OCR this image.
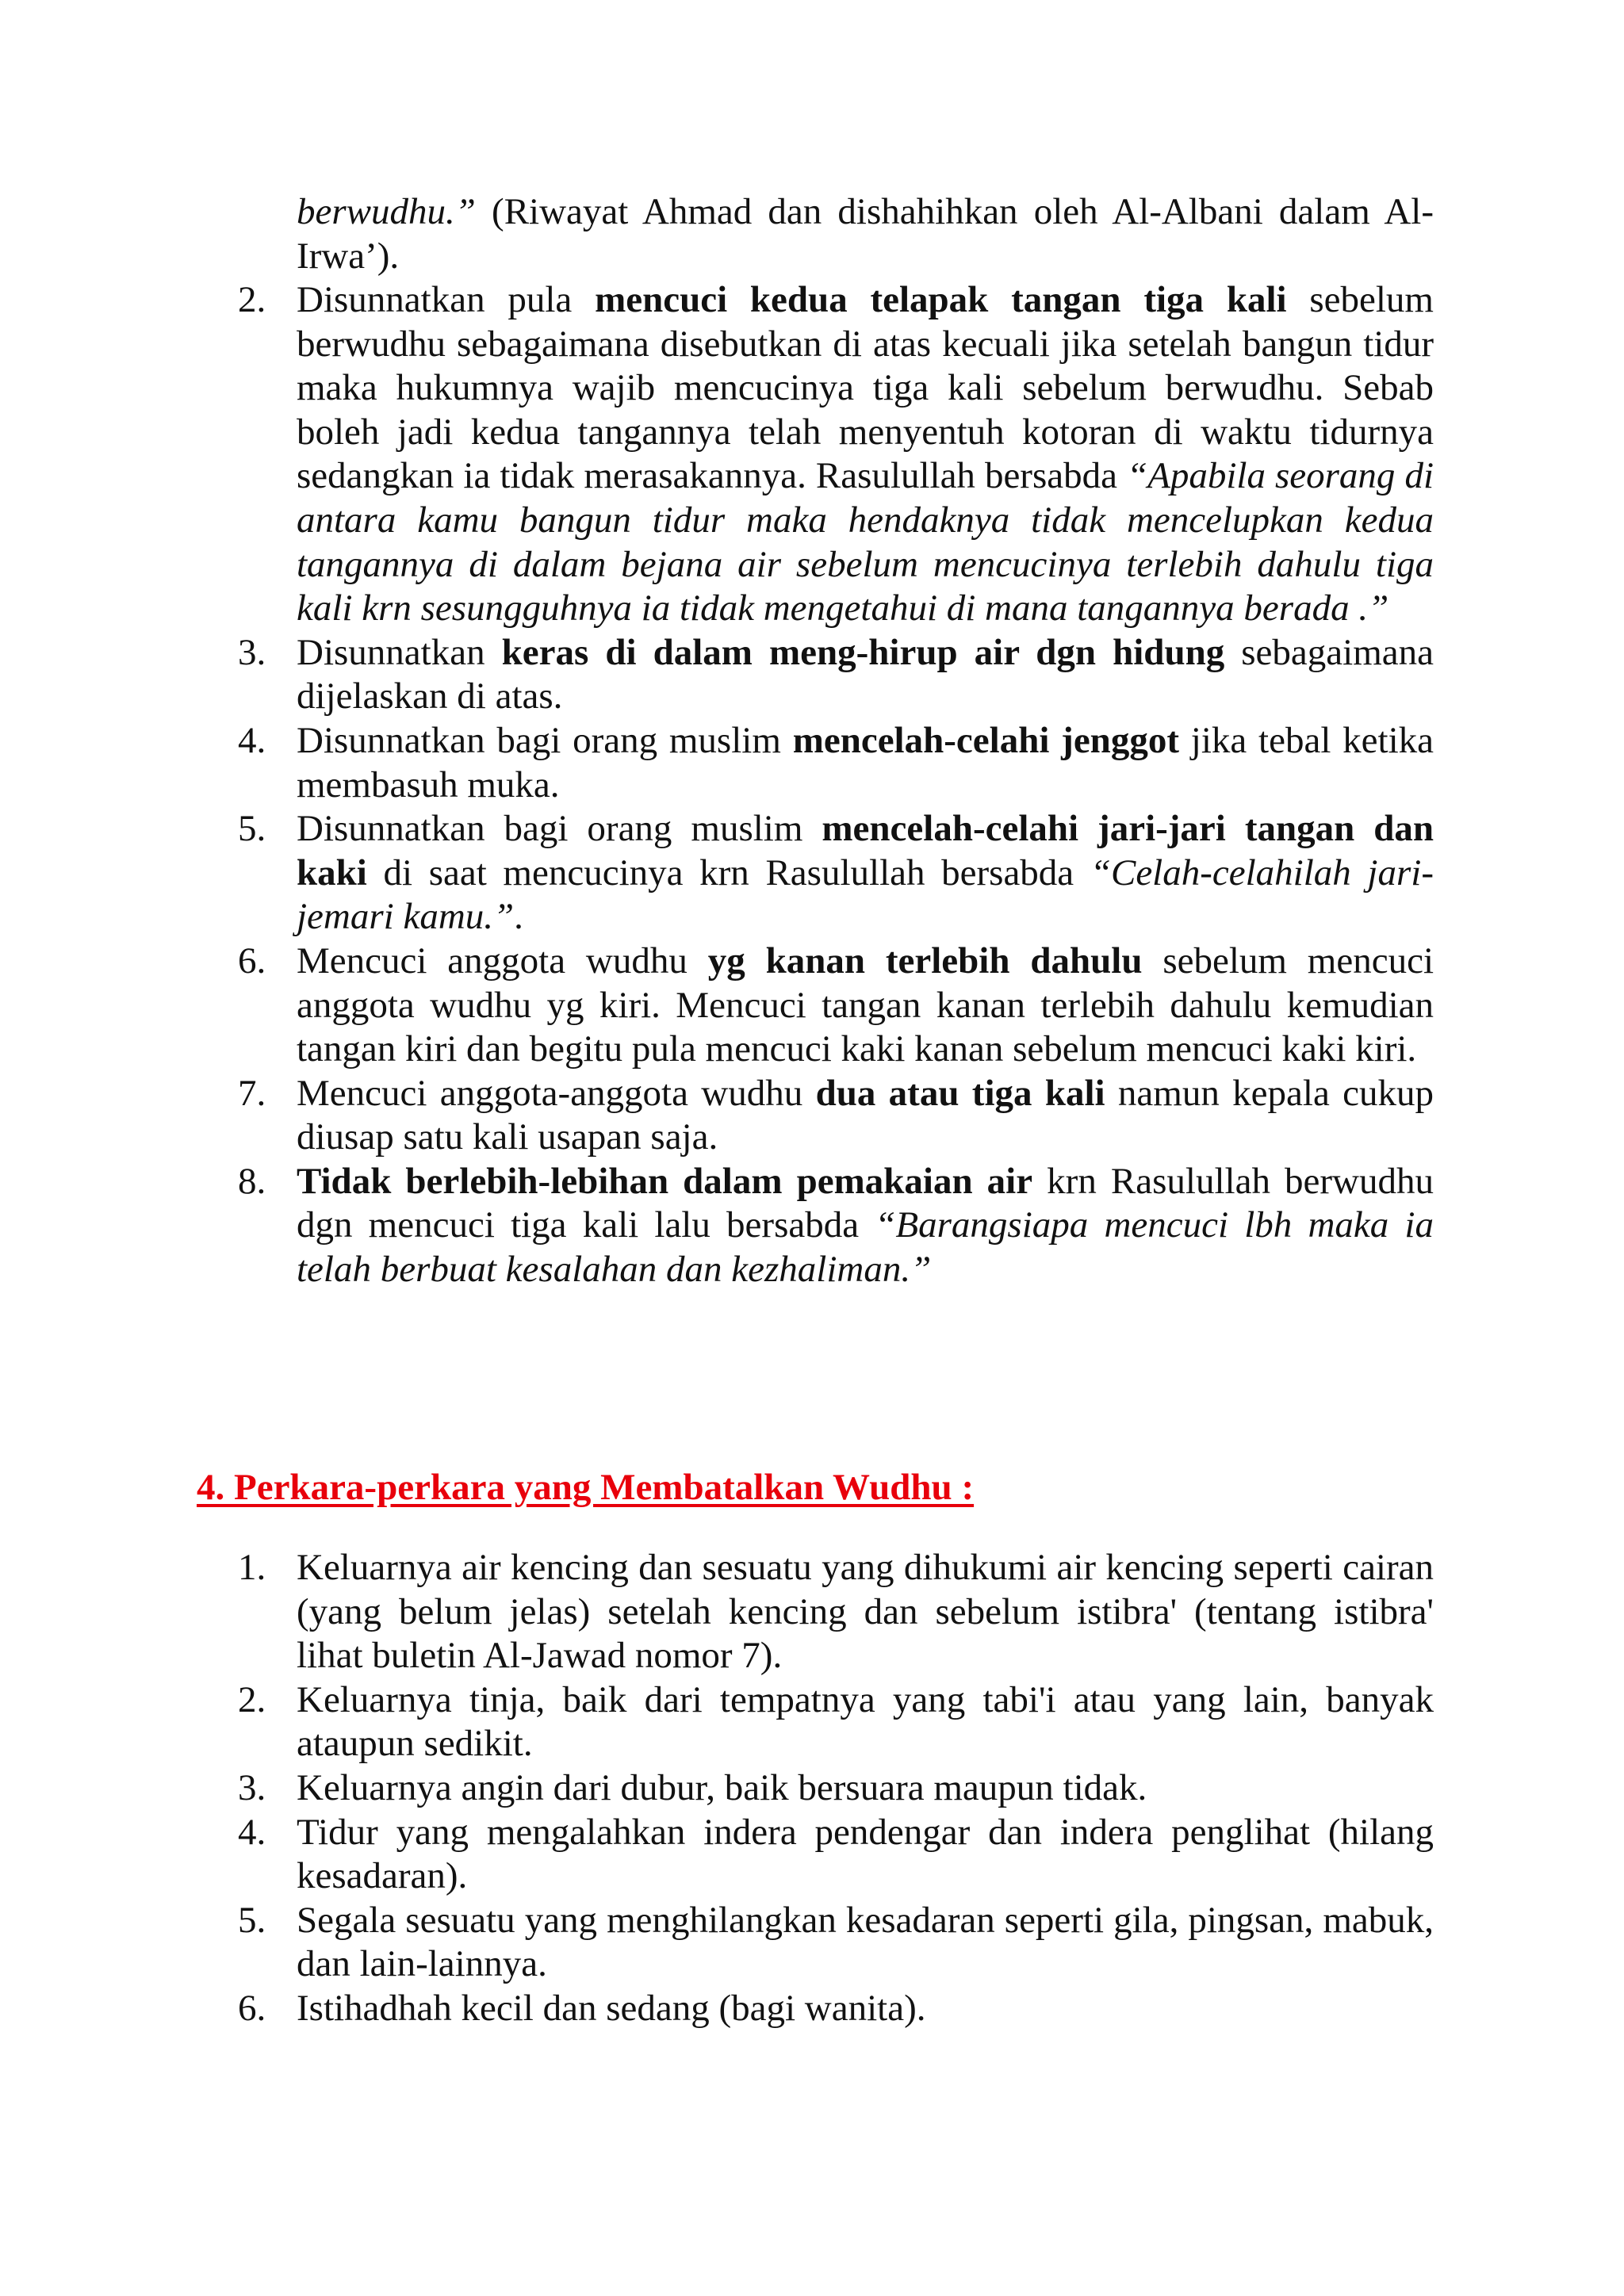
berwudhu.” (Riwayat Ahmad dan dishahihkan oleh Al-Albani dalam Al-Irwa’).

2. Disunnatkan pula mencuci kedua telapak tangan tiga kali sebelum berwudhu sebagaimana disebutkan di atas kecuali jika setelah bangun tidur maka hukumnya wajib mencucinya tiga kali sebelum berwudhu. Sebab boleh jadi kedua tangannya telah menyentuh kotoran di waktu tidurnya sedangkan ia tidak merasakannya. Rasulullah bersabda “Apabila seorang di antara kamu bangun tidur maka hendaknya tidak mencelupkan kedua tangannya di dalam bejana air sebelum mencucinya terlebih dahulu tiga kali krn sesungguhnya ia tidak mengetahui di mana tangannya berada .”
3. Disunnatkan keras di dalam meng-hirup air dgn hidung sebagaimana dijelaskan di atas.
4. Disunnatkan bagi orang muslim mencelah-celahi jenggot jika tebal ketika membasuh muka.
5. Disunnatkan bagi orang muslim mencelah-celahi jari-jari tangan dan kaki di saat mencucinya krn Rasulullah bersabda “Celah-celahilah jari-jemari kamu.”.
6. Mencuci anggota wudhu yg kanan terlebih dahulu sebelum mencuci anggota wudhu yg kiri. Mencuci tangan kanan terlebih dahulu kemudian tangan kiri dan begitu pula mencuci kaki kanan sebelum mencuci kaki kiri.
7. Mencuci anggota-anggota wudhu dua atau tiga kali namun kepala cukup diusap satu kali usapan saja.
8. Tidak berlebih-lebihan dalam pemakaian air krn Rasulullah berwudhu dgn mencuci tiga kali lalu bersabda “Barangsiapa mencuci lbh maka ia telah berbuat kesalahan dan kezhaliman.”
4. Perkara-perkara yang Membatalkan Wudhu :
1. Keluarnya air kencing dan sesuatu yang dihukumi air kencing seperti cairan (yang belum jelas) setelah kencing dan sebelum istibra' (tentang istibra' lihat buletin Al-Jawad nomor 7).
2. Keluarnya tinja, baik dari tempatnya yang tabi'i atau yang lain, banyak ataupun sedikit.
3. Keluarnya angin dari dubur, baik bersuara maupun tidak.
4. Tidur yang mengalahkan indera pendengar dan indera penglihat (hilang kesadaran).
5. Segala sesuatu yang menghilangkan kesadaran seperti gila, pingsan, mabuk, dan lain-lainnya.
6. Istihadhah kecil dan sedang (bagi wanita).
